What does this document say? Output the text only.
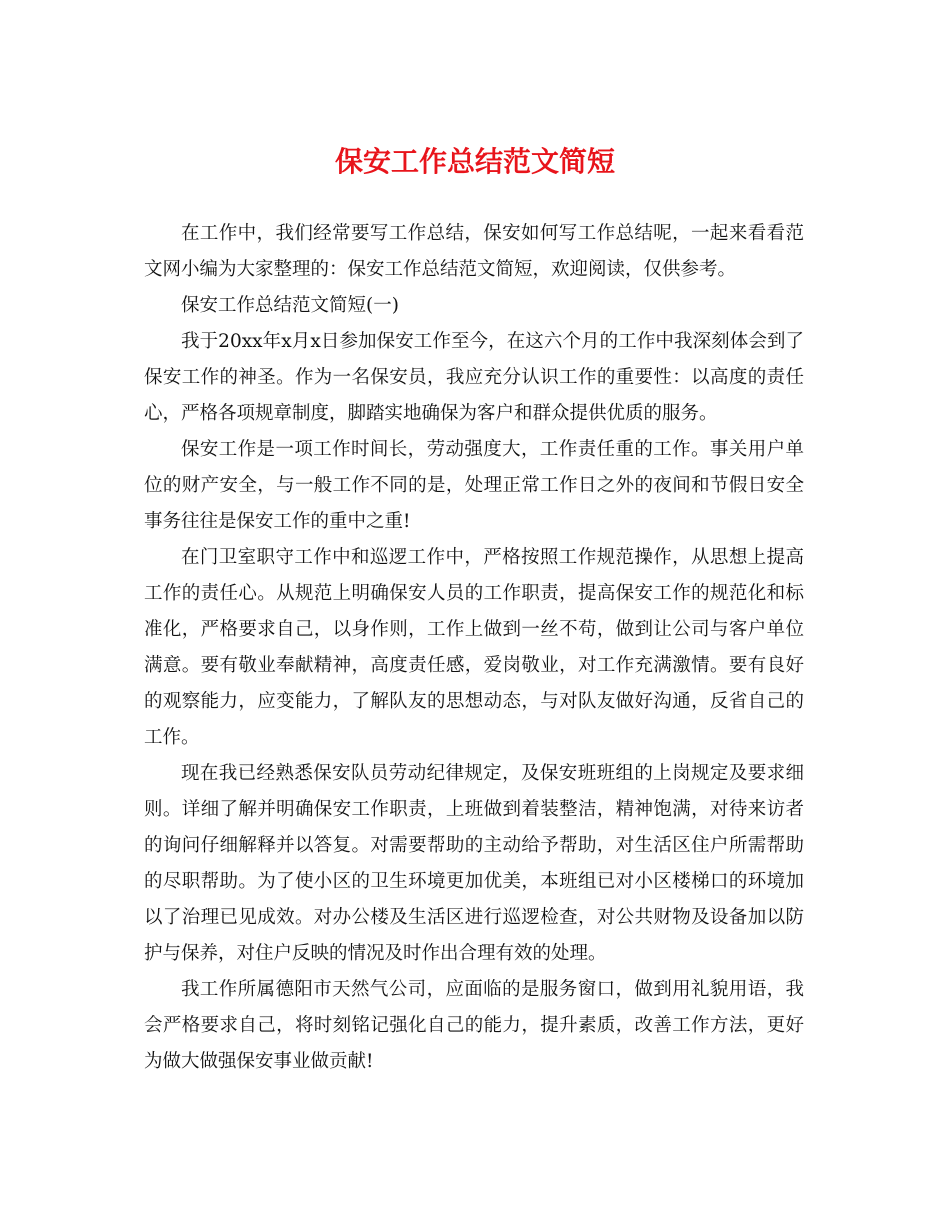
保安工作总结范文简短

在工作中，我们经常要写工作总结，保安如何写工作总结呢，一起来看看范文网小编为大家整理的：保安工作总结范文简短，欢迎阅读，仅供参考。

保安工作总结范文简短(一)

我于20xx年x月x日参加保安工作至今，在这六个月的工作中我深刻体会到了保安工作的神圣。作为一名保安员，我应充分认识工作的重要性：以高度的责任心，严格各项规章制度，脚踏实地确保为客户和群众提供优质的服务。

保安工作是一项工作时间长，劳动强度大，工作责任重的工作。事关用户单位的财产安全，与一般工作不同的是，处理正常工作日之外的夜间和节假日安全事务往往是保安工作的重中之重!

在门卫室职守工作中和巡逻工作中，严格按照工作规范操作，从思想上提高工作的责任心。从规范上明确保安人员的工作职责，提高保安工作的规范化和标准化，严格要求自己，以身作则，工作上做到一丝不苟，做到让公司与客户单位满意。要有敬业奉献精神，高度责任感，爱岗敬业，对工作充满激情。要有良好的观察能力，应变能力，了解队友的思想动态，与对队友做好沟通，反省自己的工作。

现在我已经熟悉保安队员劳动纪律规定，及保安班班组的上岗规定及要求细则。详细了解并明确保安工作职责，上班做到着装整洁，精神饱满，对待来访者的询问仔细解释并以答复。对需要帮助的主动给予帮助，对生活区住户所需帮助的尽职帮助。为了使小区的卫生环境更加优美，本班组已对小区楼梯口的环境加以了治理已见成效。对办公楼及生活区进行巡逻检查，对公共财物及设备加以防护与保养，对住户反映的情况及时作出合理有效的处理。

我工作所属德阳市天然气公司，应面临的是服务窗口，做到用礼貌用语，我会严格要求自己，将时刻铭记强化自己的能力，提升素质，改善工作方法，更好为做大做强保安事业做贡献!
